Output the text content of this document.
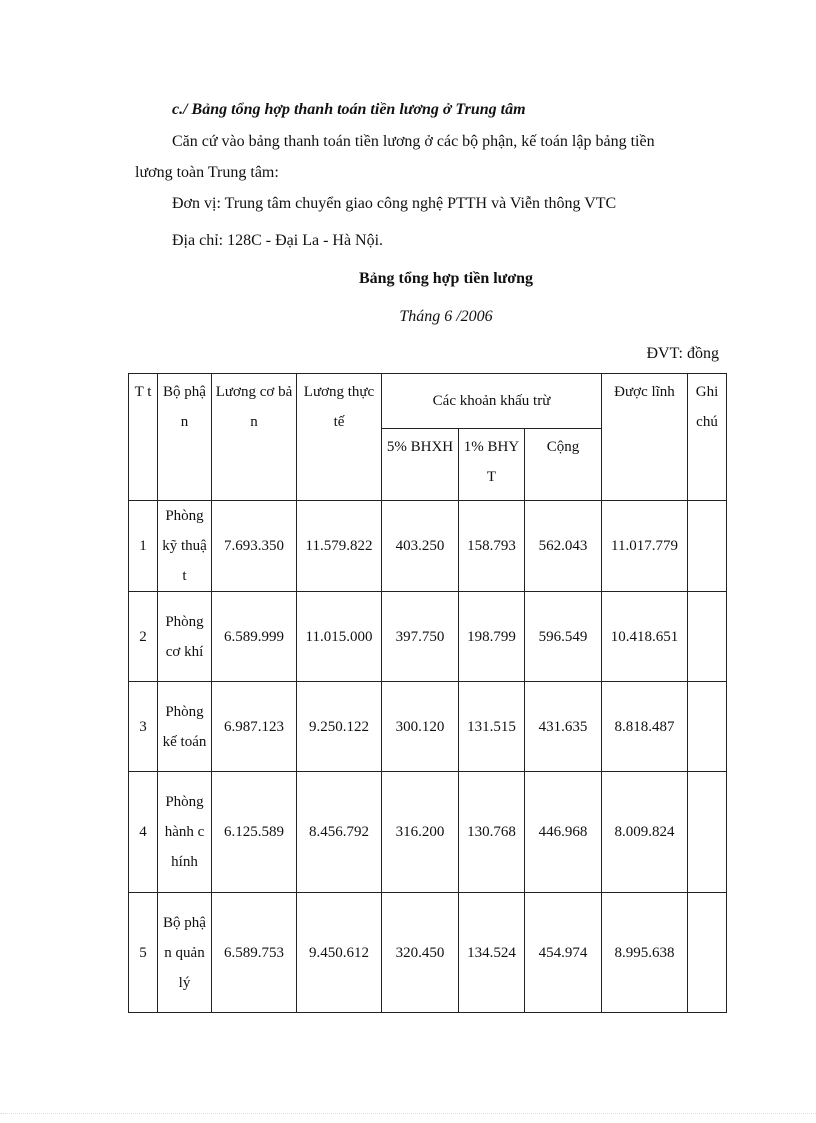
c./ Bảng tổng hợp thanh toán tiền lương ở Trung tâm
Căn cứ vào bảng thanh toán tiền lương ở các bộ phận, kế toán lập bảng tiền
lương toàn Trung tâm:
Đơn vị: Trung tâm chuyển giao công nghệ PTTH và Viễn thông VTC
Địa chỉ: 128C - Đại La - Hà Nội.
Bảng tổng hợp tiền lương
Tháng 6 /2006
ĐVT: đồng
T t	Bộ phận	Lương cơ bản	Lương thực tế	Các khoản khấu trừ			Được lĩnh	Ghi chú
				5% BHXH	1% BHYT	Cộng		
1	Phòng kỹ thuật	7.693.350	11.579.822	403.250	158.793	562.043	11.017.779	
2	Phòng cơ khí	6.589.999	11.015.000	397.750	198.799	596.549	10.418.651	
3	Phòng kế toán	6.987.123	9.250.122	300.120	131.515	431.635	8.818.487	
4	Phòng hành chính	6.125.589	8.456.792	316.200	130.768	446.968	8.009.824	
5	Bộ phận quản lý	6.589.753	9.450.612	320.450	134.524	454.974	8.995.638	
